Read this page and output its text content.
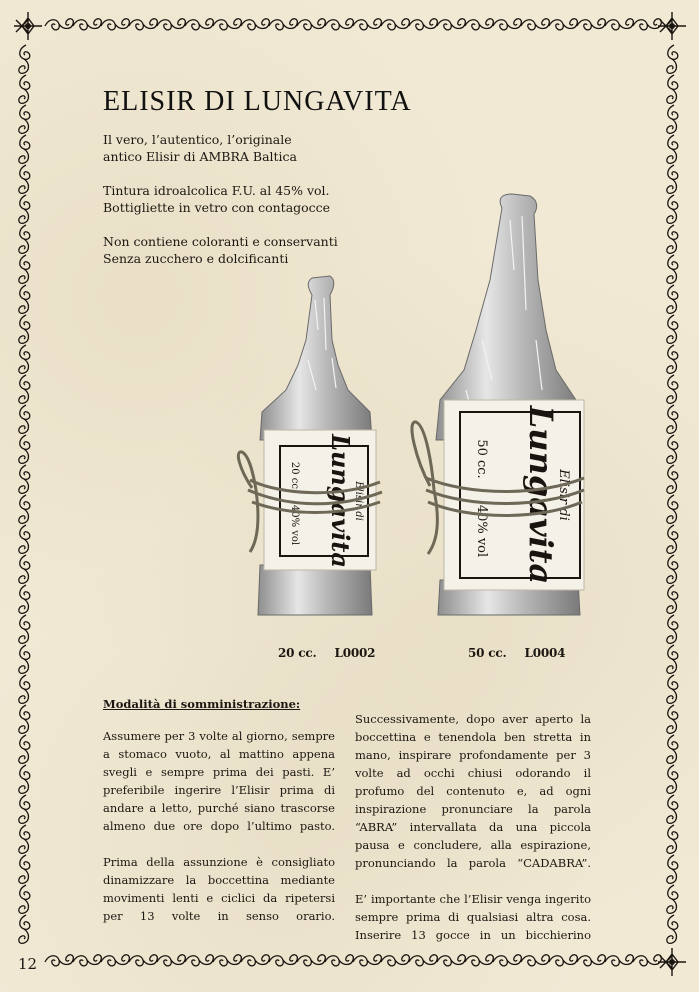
ELISIR DI LUNGAVITA
Il vero, l’autentico, l’originale
antico Elisir di AMBRA Baltica
Tintura idroalcolica F.U. al 45% vol.
Bottigliette in vetro con contagocce
Non contiene coloranti e conservanti
Senza zucchero e dolcificanti
Elisir di
Lungavita
20 cc.
40% vol
Elisir di
Lungavita
50 cc.
40% vol
20 cc. L0002	50 cc. L0004
Modalità di somministrazione:

Assumere per 3 volte al giorno, sempre a stomaco vuoto, al mattino appena svegli e sempre prima dei pasti. E’ preferibile ingerire l’Elisir prima di andare a letto, purché siano trascorse almeno due ore dopo l’ultimo pasto.

Prima della assunzione è consigliato dinamizzare la boccettina mediante movimenti lenti e ciclici da ripetersi per 13 volte in senso orario.

Successivamente, dopo aver aperto la boccettina e tenendola ben stretta in mano, inspirare profondamente per 3 volte ad occhi chiusi odorando il profumo del contenuto e, ad ogni inspirazione pronunciare la parola “ABRA” intervallata da una piccola pausa e concludere, alla espirazione, pronunciando la parola “CADABRA”.

E’ importante che l’Elisir venga ingerito sempre prima di qualsiasi altra cosa. Inserire 13 gocce in un bicchierino

12
